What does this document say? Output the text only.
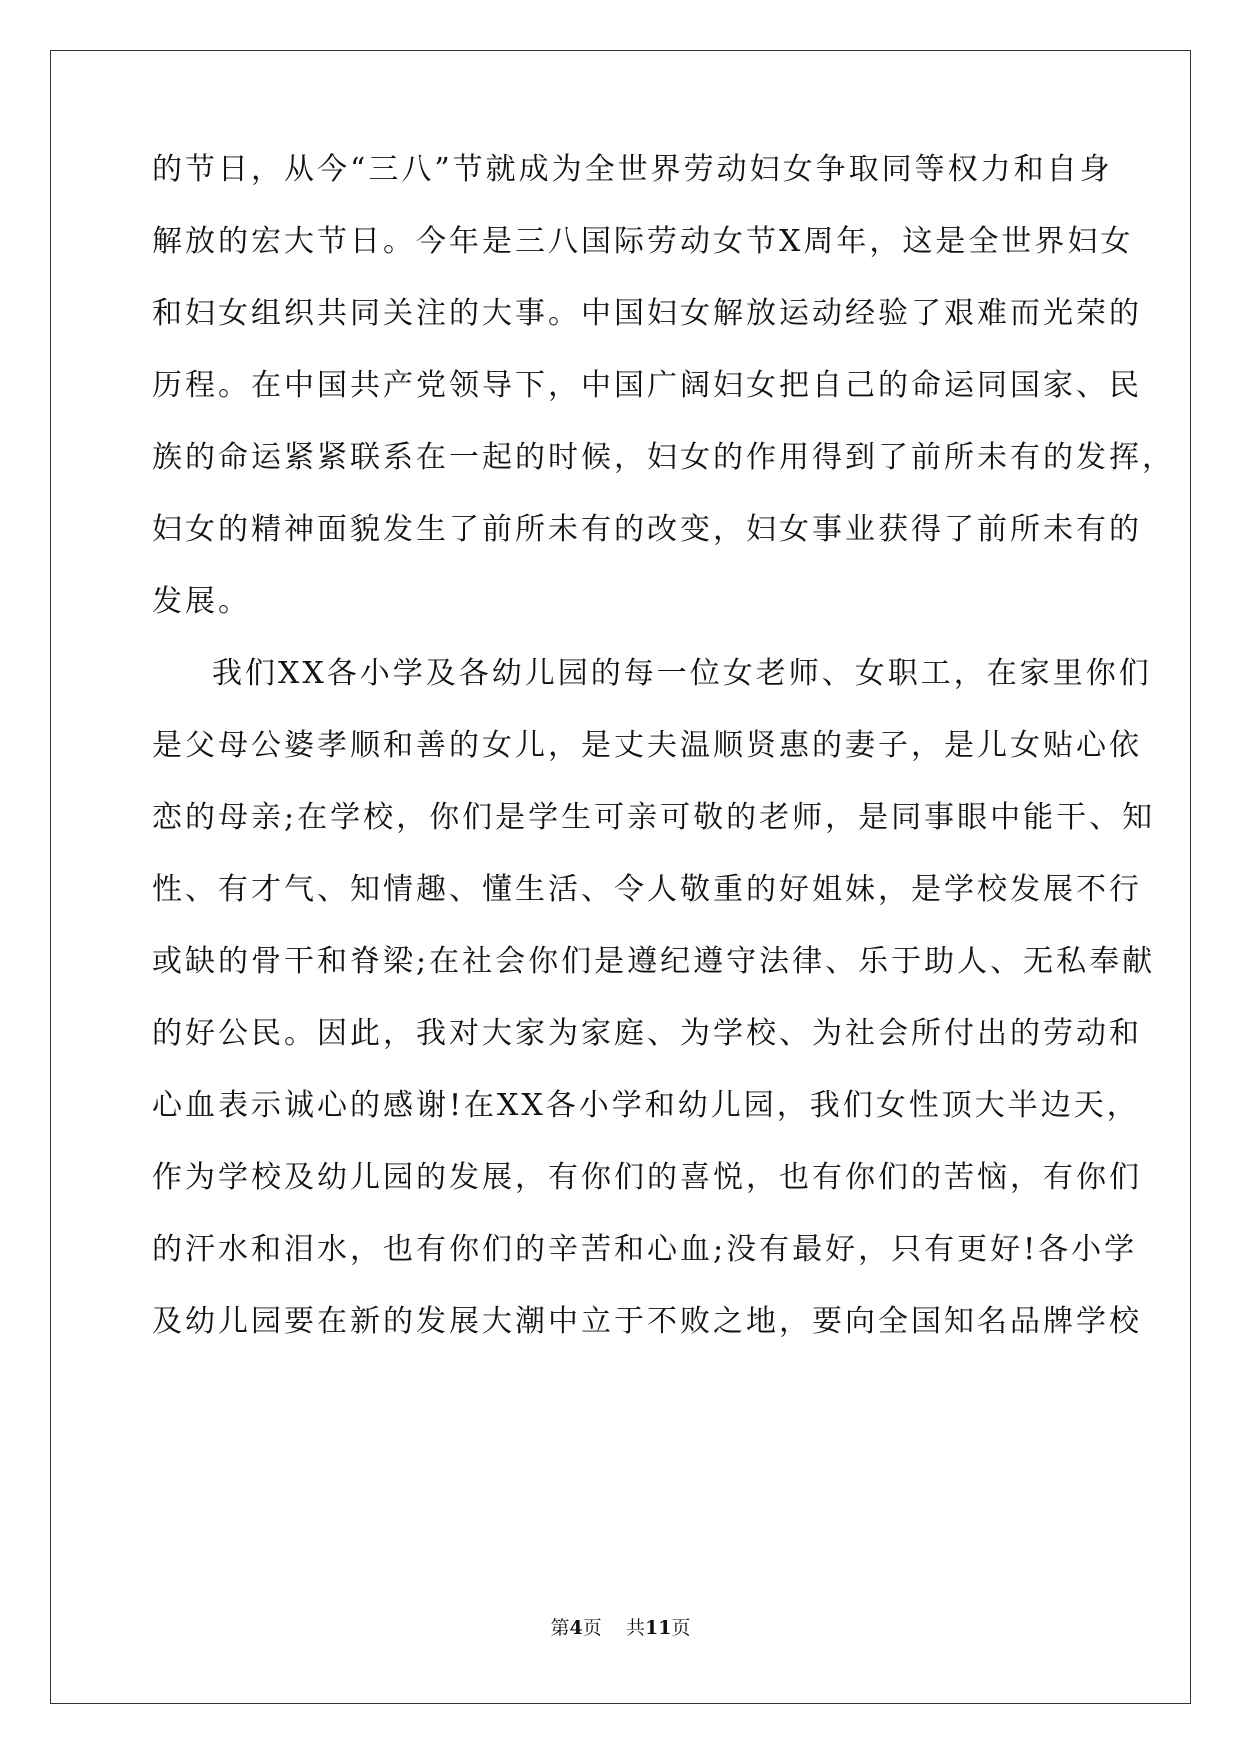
的节日，从今“三八”节就成为全世界劳动妇女争取同等权力和自身
解放的宏大节日。今年是三八国际劳动女节X周年，这是全世界妇女
和妇女组织共同关注的大事。中国妇女解放运动经验了艰难而光荣的
历程。在中国共产党领导下，中国广阔妇女把自己的命运同国家、民
族的命运紧紧联系在一起的时候，妇女的作用得到了前所未有的发挥，
妇女的精神面貌发生了前所未有的改变，妇女事业获得了前所未有的
发展。
我们XX各小学及各幼儿园的每一位女老师、女职工，在家里你们
是父母公婆孝顺和善的女儿，是丈夫温顺贤惠的妻子，是儿女贴心依
恋的母亲;在学校，你们是学生可亲可敬的老师，是同事眼中能干、知
性、有才气、知情趣、懂生活、令人敬重的好姐妹，是学校发展不行
或缺的骨干和脊梁;在社会你们是遵纪遵守法律、乐于助人、无私奉献
的好公民。因此，我对大家为家庭、为学校、为社会所付出的劳动和
心血表示诚心的感谢!在XX各小学和幼儿园，我们女性顶大半边天，
作为学校及幼儿园的发展，有你们的喜悦，也有你们的苦恼，有你们
的汗水和泪水，也有你们的辛苦和心血;没有最好，只有更好!各小学
及幼儿园要在新的发展大潮中立于不败之地，要向全国知名品牌学校
第4页 共11页
